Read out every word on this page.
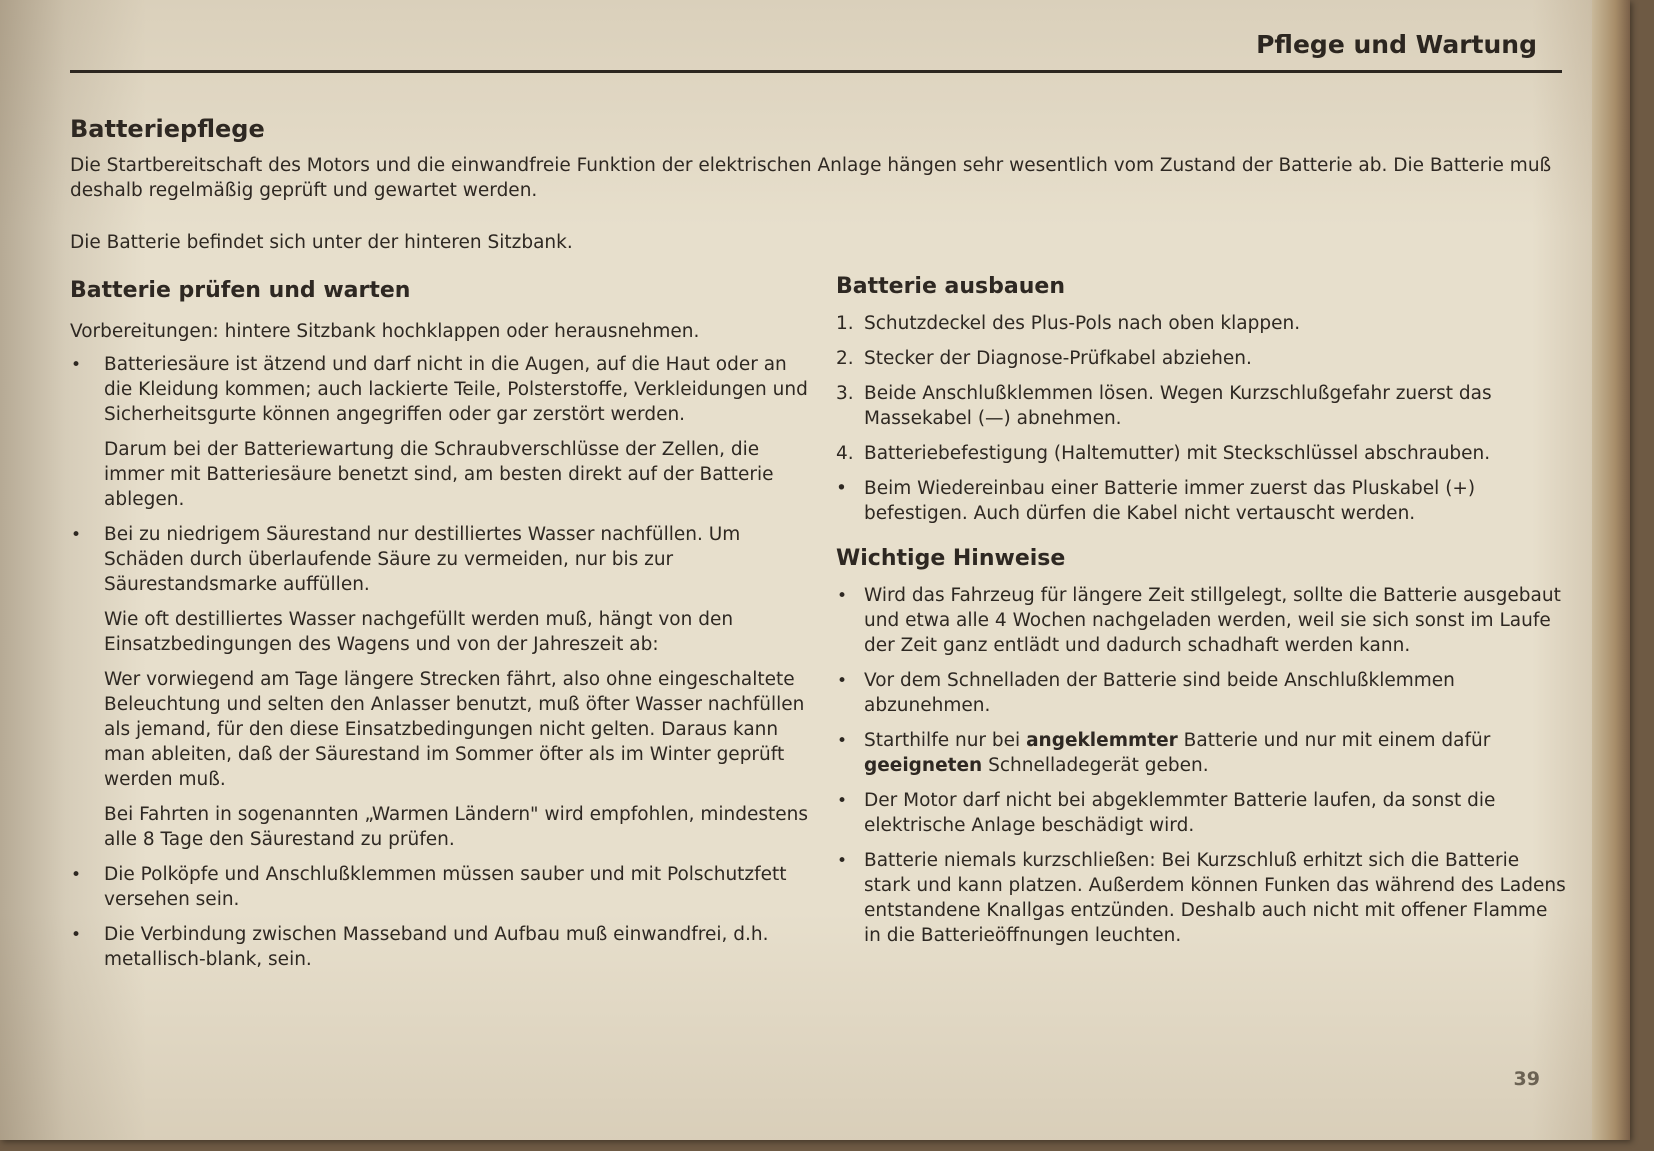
Pflege und Wartung
Batteriepflege
Die Startbereitschaft des Motors und die einwandfreie Funktion der elektrischen Anlage hängen sehr wesentlich vom Zustand der Batterie ab. Die Batterie muß deshalb regelmäßig geprüft und gewartet werden.
Die Batterie befindet sich unter der hinteren Sitzbank.
Batterie prüfen und warten
Vorbereitungen: hintere Sitzbank hochklappen oder herausnehmen.
• Batteriesäure ist ätzend und darf nicht in die Augen, auf die Haut oder an die Kleidung kommen; auch lackierte Teile, Polsterstoffe, Verkleidungen und Sicherheitsgurte können angegriffen oder gar zerstört werden.
Darum bei der Batteriewartung die Schraubverschlüsse der Zellen, die immer mit Batteriesäure benetzt sind, am besten direkt auf der Batterie ablegen.
• Bei zu niedrigem Säurestand nur destilliertes Wasser nachfüllen. Um Schäden durch überlaufende Säure zu vermeiden, nur bis zur Säurestandsmarke auffüllen.
Wie oft destilliertes Wasser nachgefüllt werden muß, hängt von den Einsatzbedingungen des Wagens und von der Jahreszeit ab:
Wer vorwiegend am Tage längere Strecken fährt, also ohne eingeschaltete Beleuchtung und selten den Anlasser benutzt, muß öfter Wasser nachfüllen als jemand, für den diese Einsatzbedingungen nicht gelten. Daraus kann man ableiten, daß der Säurestand im Sommer öfter als im Winter geprüft werden muß.
Bei Fahrten in sogenannten „Warmen Ländern" wird empfohlen, mindestens alle 8 Tage den Säurestand zu prüfen.
• Die Polköpfe und Anschlußklemmen müssen sauber und mit Polschutzfett versehen sein.
• Die Verbindung zwischen Masseband und Aufbau muß einwandfrei, d.h. metallisch-blank, sein.
Batterie ausbauen
1. Schutzdeckel des Plus-Pols nach oben klappen.
2. Stecker der Diagnose-Prüfkabel abziehen.
3. Beide Anschlußklemmen lösen. Wegen Kurzschlußgefahr zuerst das Massekabel (—) abnehmen.
4. Batteriebefestigung (Haltemutter) mit Steckschlüssel abschrauben.
• Beim Wiedereinbau einer Batterie immer zuerst das Pluskabel (+) befestigen. Auch dürfen die Kabel nicht vertauscht werden.
Wichtige Hinweise
• Wird das Fahrzeug für längere Zeit stillgelegt, sollte die Batterie ausgebaut und etwa alle 4 Wochen nachgeladen werden, weil sie sich sonst im Laufe der Zeit ganz entlädt und dadurch schadhaft werden kann.
• Vor dem Schnelladen der Batterie sind beide Anschlußklemmen abzunehmen.
• Starthilfe nur bei angeklemmter Batterie und nur mit einem dafür geeigneten Schnelladegerät geben.
• Der Motor darf nicht bei abgeklemmter Batterie laufen, da sonst die elektrische Anlage beschädigt wird.
• Batterie niemals kurzschließen: Bei Kurzschluß erhitzt sich die Batterie stark und kann platzen. Außerdem können Funken das während des Ladens entstandene Knallgas entzünden. Deshalb auch nicht mit offener Flamme in die Batterieöffnungen leuchten.
39
